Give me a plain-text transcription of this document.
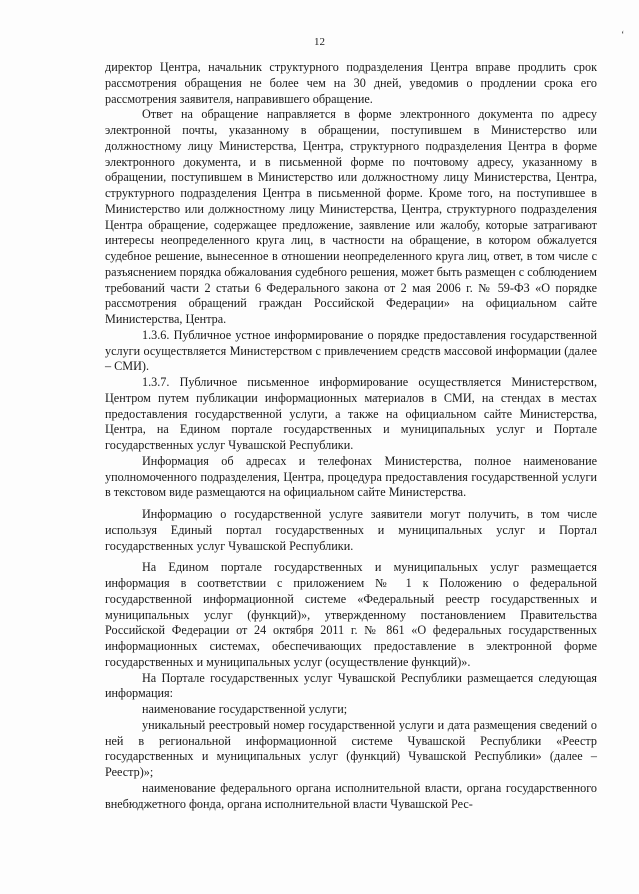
12
‘

директор Центра, начальник структурного подразделения Центра вправе продлить срок рассмотрения обращения не более чем на 30 дней, уведомив о продлении срока его рассмотрения заявителя, направившего обращение.

Ответ на обращение направляется в форме электронного документа по адресу электронной почты, указанному в обращении, поступившем в Министерство или должностному лицу Министерства, Центра, структурного подразделения Центра в форме электронного документа, и в письменной форме по почтовому адресу, указанному в обращении, поступившем в Министерство или должностному лицу Министерства, Центра, структурного подразделения Центра в письменной форме. Кроме того, на поступившее в Министерство или должностному лицу Министерства, Центра, структурного подразделения Центра обращение, содержащее предложение, заявление или жалобу, которые затрагивают интересы неопределенного круга лиц, в частности на обращение, в котором обжалуется судебное решение, вынесенное в отношении неопределенного круга лиц, ответ, в том числе с разъяснением порядка обжалования судебного решения, может быть размещен с соблюдением требований части 2 статьи 6 Федерального закона от 2 мая 2006 г. № 59-ФЗ «О порядке рассмотрения обращений граждан Российской Федерации» на официальном сайте Министерства, Центра.

1.3.6. Публичное устное информирование о порядке предоставления государственной услуги осуществляется Министерством с привлечением средств массовой информации (далее – СМИ).

1.3.7. Публичное письменное информирование осуществляется Министерством, Центром путем публикации информационных материалов в СМИ, на стендах в местах предоставления государственной услуги, а также на официальном сайте Министерства, Центра, на Едином портале государственных и муниципальных услуг и Портале государственных услуг Чувашской Республики.

Информация об адресах и телефонах Министерства, полное наименование уполномоченного подразделения, Центра, процедура предоставления государственной услуги в текстовом виде размещаются на официальном сайте Министерства.

Информацию о государственной услуге заявители могут получить, в том числе используя Единый портал государственных и муниципальных услуг и Портал государственных услуг Чувашской Республики.

На Едином портале государственных и муниципальных услуг размещается информация в соответствии с приложением № 1 к Положению о федеральной государственной информационной системе «Федеральный реестр государственных и муниципальных услуг (функций)», утвержденному постановлением Правительства Российской Федерации от 24 октября 2011 г. № 861 «О федеральных государственных информационных системах, обеспечивающих предоставление в электронной форме государственных и муниципальных услуг (осуществление функций)».

На Портале государственных услуг Чувашской Республики размещается следующая информация:

наименование государственной услуги;

уникальный реестровый номер государственной услуги и дата размещения сведений о ней в региональной информационной системе Чувашской Республики «Реестр государственных и муниципальных услуг (функций) Чувашской Республики» (далее – Реестр)»;

наименование федерального органа исполнительной власти, органа государственного внебюджетного фонда, органа исполнительной власти Чувашской Рес-
